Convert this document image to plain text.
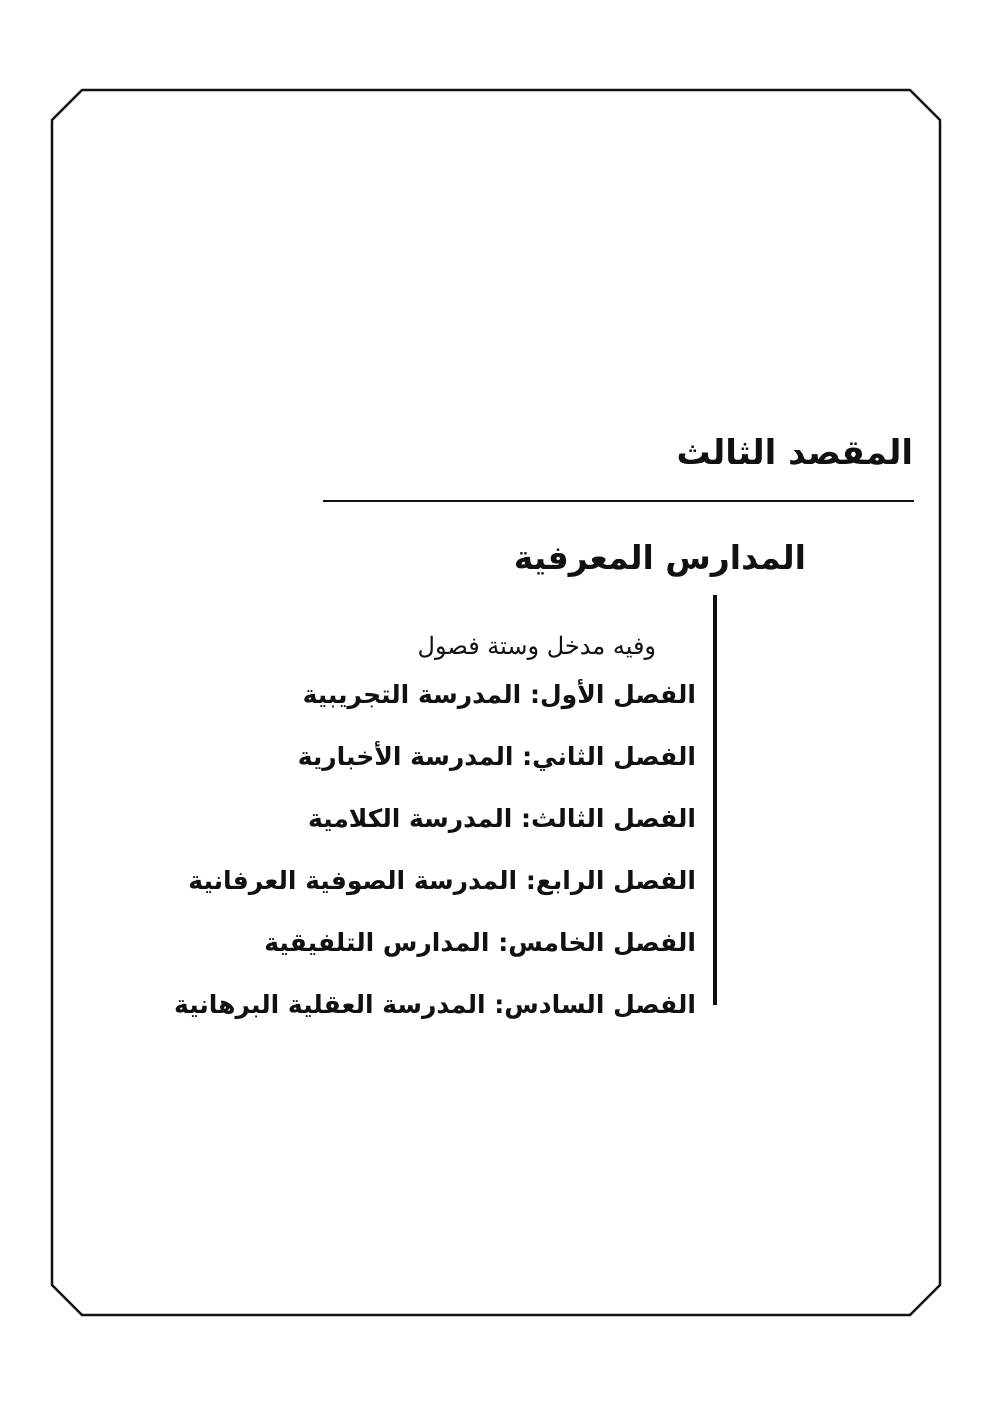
المقصد الثالث
المدارس المعرفية

وفيه مدخل وستة فصول

الفصل الأول: المدرسة التجريبية
الفصل الثاني: المدرسة الأخبارية
الفصل الثالث: المدرسة الكلامية
الفصل الرابع: المدرسة الصوفية العرفانية
الفصل الخامس: المدارس التلفيقية
الفصل السادس: المدرسة العقلية البرهانية
